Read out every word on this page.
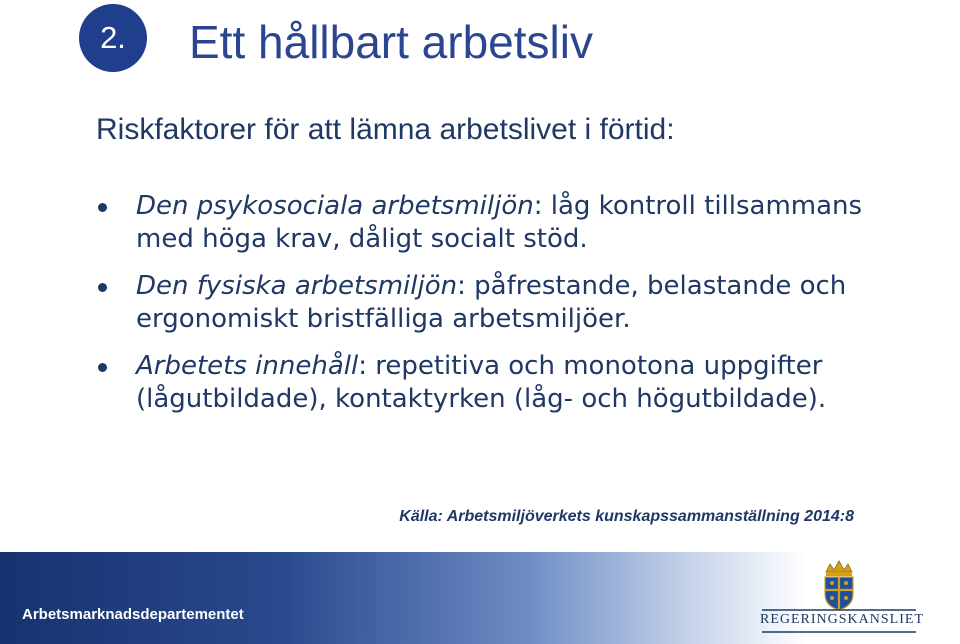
2. Ett hållbart arbetsliv
Riskfaktorer för att lämna arbetslivet i förtid:
Den psykosociala arbetsmiljön: låg kontroll tillsammans med höga krav, dåligt socialt stöd.
Den fysiska arbetsmiljön: påfrestande, belastande och ergonomiskt bristfälliga arbetsmiljöer.
Arbetets innehåll: repetitiva och monotona uppgifter (lågutbildade), kontaktyrken (låg- och högutbildade).
Källa: Arbetsmiljöverkets kunskapssammanställning 2014:8
Arbetsmarknadsdepartementet	REGERINGSKANSLIET
